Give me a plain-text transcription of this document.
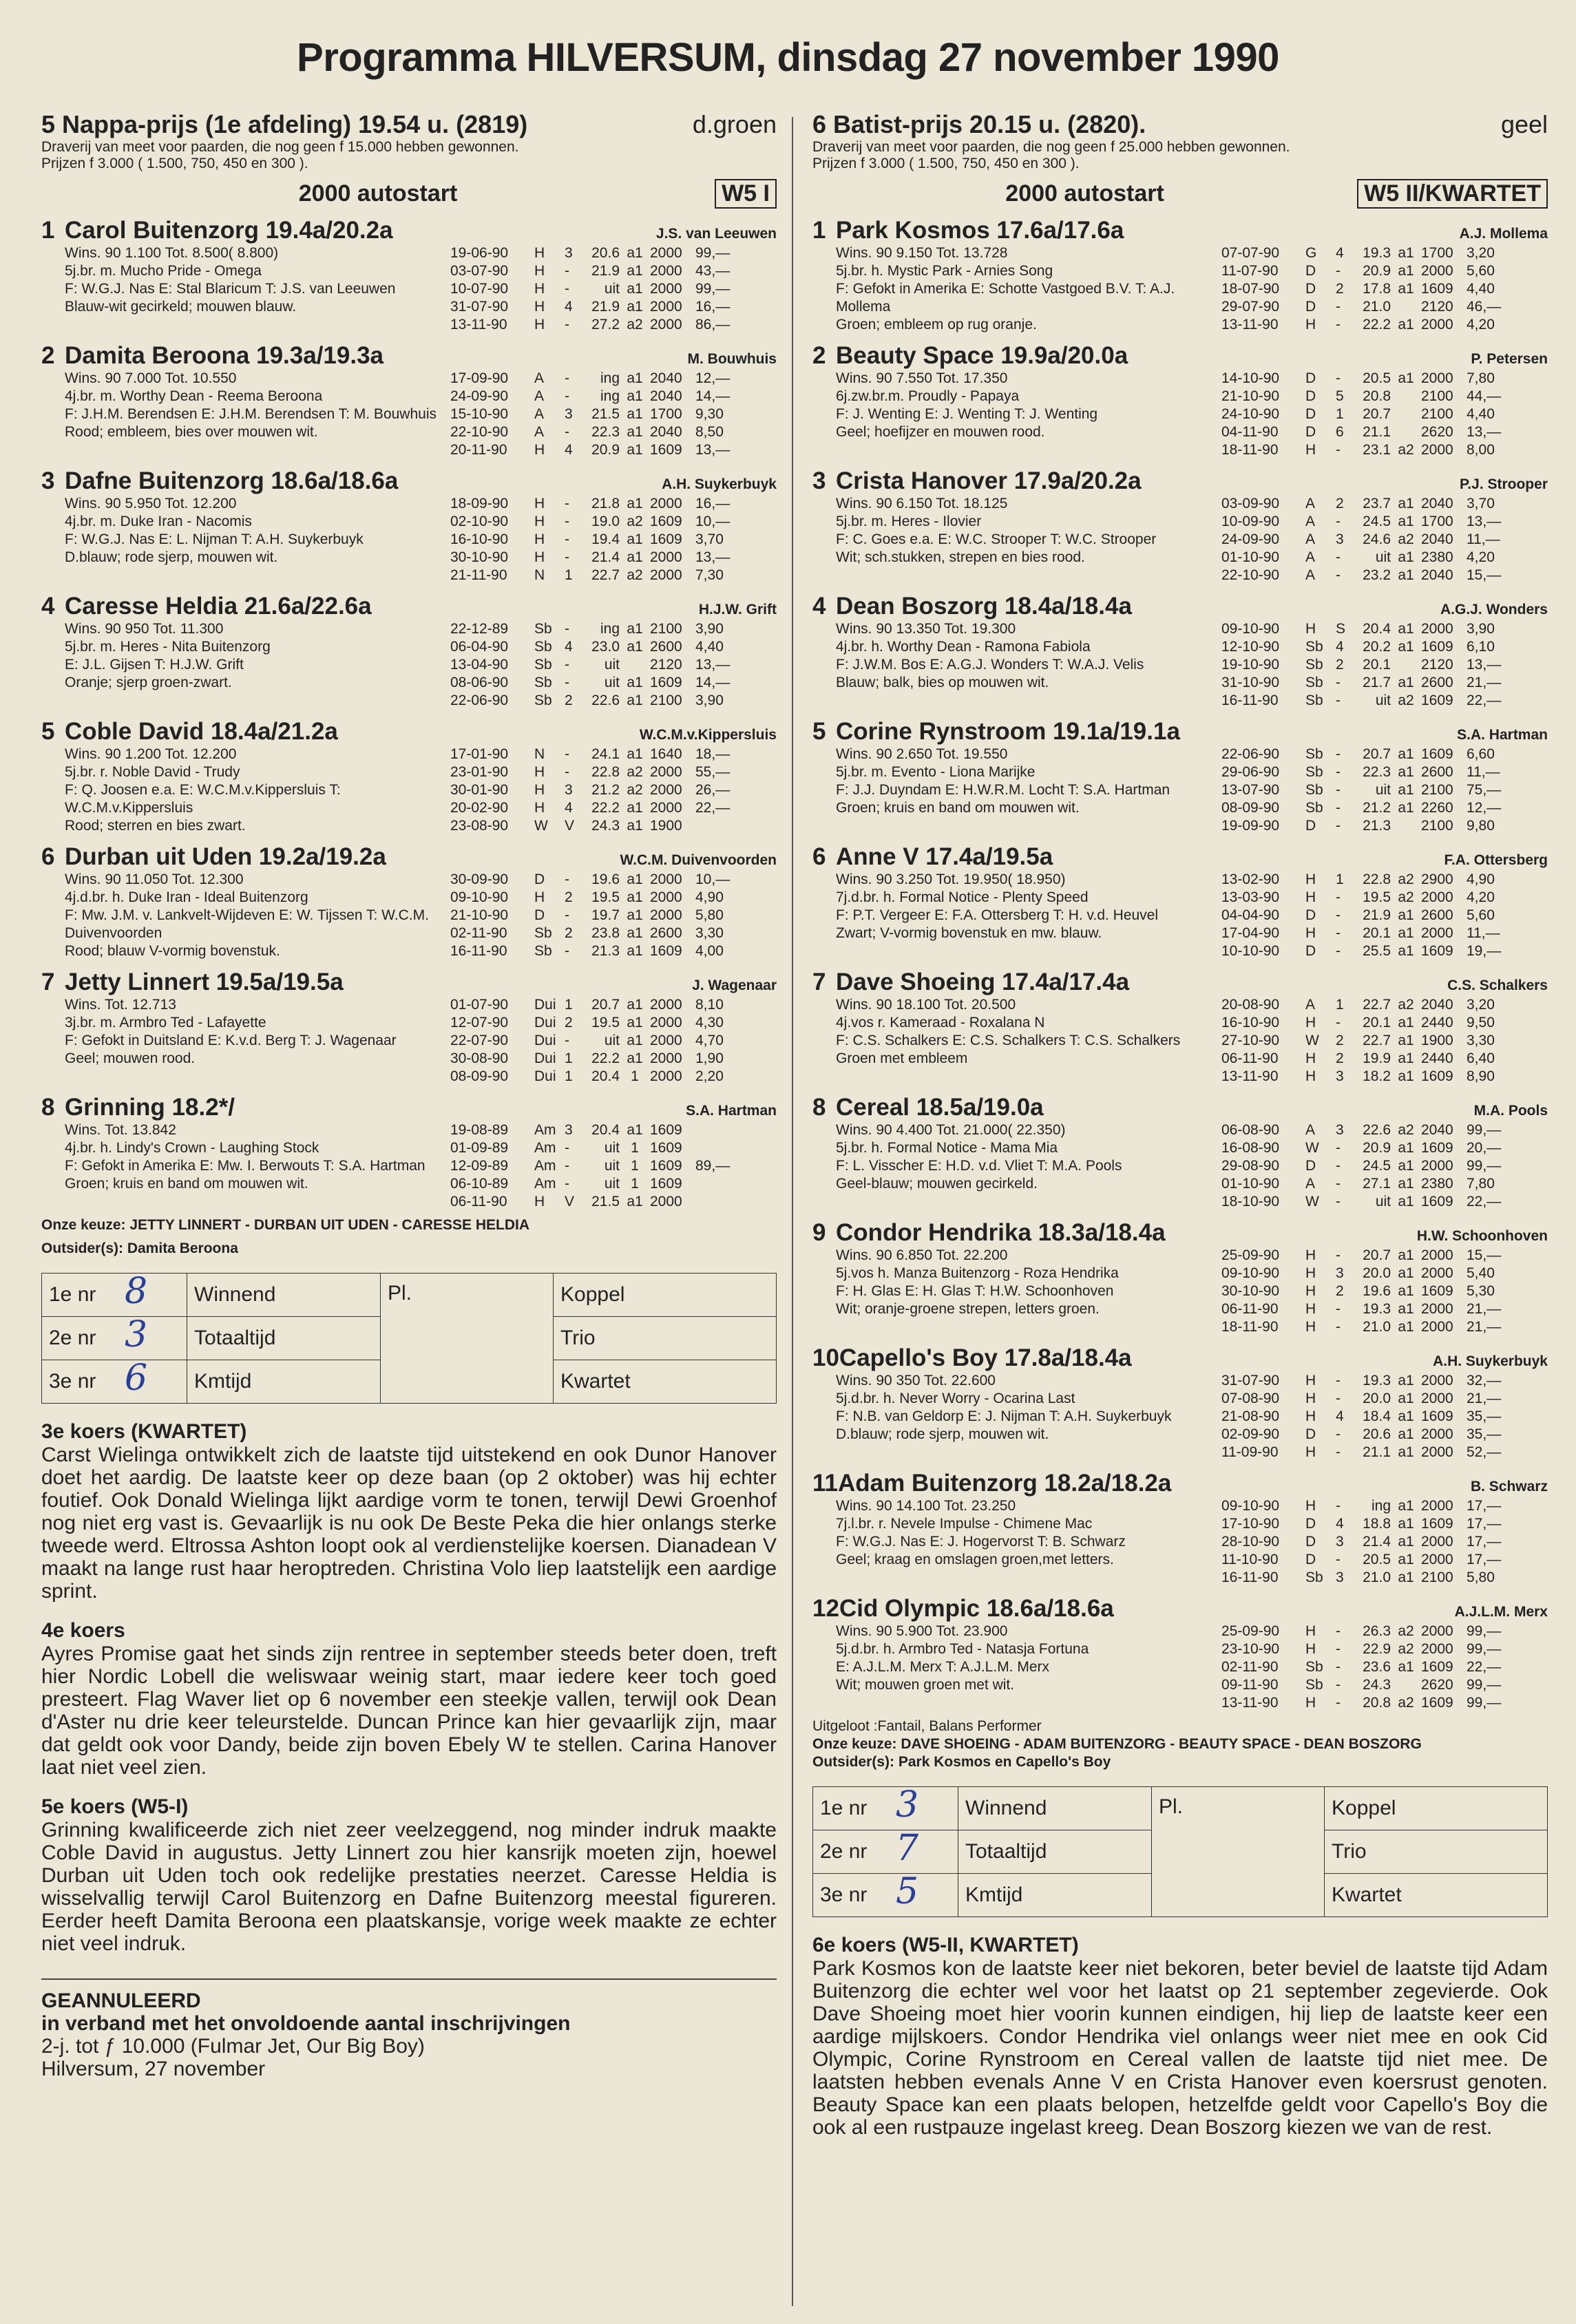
Programma HILVERSUM, dinsdag 27 november 1990
5 Nappa-prijs (1e afdeling) 19.54 u. (2819)	d.groen
Draverij van meet voor paarden, die nog geen f 15.000 hebben gewonnen.
Prijzen f 3.000 ( 1.500, 750, 450 en 300 ).
2000 autostart	W5 I
1 Carol Buitenzorg 19.4a/20.2a	J.S. van Leeuwen
Wins. 90 1.100 Tot. 8.500( 8.800)
5j.br. m. Mucho Pride - Omega
F: W.G.J. Nas E: Stal Blaricum T: J.S. van Leeuwen
Blauw-wit gecirkeld; mouwen blauw.
19-06-90	H	3	20.6 a1 2000 99,—
03-07-90	H	-	21.9 a1 2000 43,—
10-07-90	H	-	uit a1 2000 99,—
31-07-90	H	4	21.9 a1 2000 16,—
13-11-90	H	-	27.2 a2 2000 86,—
2 Damita Beroona 19.3a/19.3a	M. Bouwhuis
Wins. 90 7.000 Tot. 10.550
4j.br. m. Worthy Dean - Reema Beroona
F: J.H.M. Berendsen E: J.H.M. Berendsen T: M. Bouwhuis
Rood; embleem, bies over mouwen wit.
17-09-90	A	-	ing a1 2040 12,—
24-09-90	A	-	ing a1 2040 14,—
15-10-90	A	3	21.5 a1 1700 9,30
22-10-90	A	-	22.3 a1 2040 8,50
20-11-90	H	4	20.9 a1 1609 13,—
3 Dafne Buitenzorg 18.6a/18.6a	A.H. Suykerbuyk
Wins. 90 5.950 Tot. 12.200
4j.br. m. Duke Iran - Nacomis
F: W.G.J. Nas E: L. Nijman T: A.H. Suykerbuyk
D.blauw; rode sjerp, mouwen wit.
18-09-90	H	-	21.8 a1 2000 16,—
02-10-90	H	-	19.0 a2 1609 10,—
16-10-90	H	-	19.4 a1 1609 3,70
30-10-90	H	-	21.4 a1 2000 13,—
21-11-90	N	1	22.7 a2 2000 7,30
4 Caresse Heldia 21.6a/22.6a	H.J.W. Grift
Wins. 90 950 Tot. 11.300
5j.br. m. Heres - Nita Buitenzorg
E: J.L. Gijsen T: H.J.W. Grift
Oranje; sjerp groen-zwart.
22-12-89	Sb -	ing a1 2100 3,90
06-04-90	Sb 4	23.0 a1 2600 4,40
13-04-90	Sb -	uit 2120 13,—
08-06-90	Sb -	uit a1 1609 14,—
22-06-90	Sb 2	22.6 a1 2100 3,90
5 Coble David 18.4a/21.2a	W.C.M.v.Kippersluis
Wins. 90 1.200 Tot. 12.200
5j.br. r. Noble David - Trudy
F: Q. Joosen e.a. E: W.C.M.v.Kippersluis T: W.C.M.v.Kippersluis
Rood; sterren en bies zwart.
17-01-90	N	-	24.1 a1 1640 18,—
23-01-90	H	-	22.8 a2 2000 55,—
30-01-90	H	3	21.2 a2 2000 26,—
20-02-90	H	4	22.2 a1 2000 22,—
23-08-90	W	V	24.3 a1 1900
6 Durban uit Uden 19.2a/19.2a	W.C.M. Duivenvoorden
Wins. 90 11.050 Tot. 12.300
4j.d.br. h. Duke Iran - Ideal Buitenzorg
F: Mw. J.M. v. Lankvelt-Wijdeven E: W. Tijssen T: W.C.M. Duivenvoorden
Rood; blauw V-vormig bovenstuk.
30-09-90	D	-	19.6 a1 2000 10,—
09-10-90	H	2	19.5 a1 2000 4,90
21-10-90	D	-	19.7 a1 2000 5,80
02-11-90	Sb 2	23.8 a1 2600 3,30
16-11-90	Sb -	21.3 a1 1609 4,00
7 Jetty Linnert 19.5a/19.5a	J. Wagenaar
Wins. Tot. 12.713
3j.br. m. Armbro Ted - Lafayette
F: Gefokt in Duitsland E: K.v.d. Berg T: J. Wagenaar
Geel; mouwen rood.
01-07-90	Dui 1	20.7 a1 2000 8,10
12-07-90	Dui 2	19.5 a1 2000 4,30
22-07-90	Dui -	uit a1 2000 4,70
30-08-90	Dui 1	22.2 a1 2000 1,90
08-09-90	Dui 1	20.4 1 2000 2,20
8 Grinning 18.2*/	S.A. Hartman
Wins. Tot. 13.842
4j.br. h. Lindy's Crown - Laughing Stock
F: Gefokt in Amerika E: Mw. I. Berwouts T: S.A. Hartman
Groen; kruis en band om mouwen wit.
19-08-89	Am 3	20.4 a1 1609
01-09-89	Am -	uit 1 1609
12-09-89	Am -	uit 1 1609 89,—
06-10-89	Am -	uit 1 1609
06-11-90	H	V	21.5 a1 2000
Onze keuze: JETTY LINNERT - DURBAN UIT UDEN - CARESSE HELDIA
Outsider(s): Damita Beroona
1e nr 8	Winnend	Pl.	Koppel
2e nr 3	Totaaltijd		Trio
3e nr 6	Kmtijd		Kwartet
3e koers (KWARTET)
Carst Wielinga ontwikkelt zich de laatste tijd uitstekend en ook Dunor Hanover doet het aardig. De laatste keer op deze baan (op 2 oktober) was hij echter foutief. Ook Donald Wielinga lijkt aardige vorm te tonen, terwijl Dewi Groenhof nog niet erg vast is. Gevaarlijk is nu ook De Beste Peka die hier onlangs sterke tweede werd. Eltrossa Ashton loopt ook al verdienstelijke koersen. Dianadean V maakt na lange rust haar heroptreden. Christina Volo liep laatstelijk een aardige sprint.
4e koers
Ayres Promise gaat het sinds zijn rentree in september steeds beter doen, treft hier Nordic Lobell die weliswaar weinig start, maar iedere keer toch goed presteert. Flag Waver liet op 6 november een steekje vallen, terwijl ook Dean d'Aster nu drie keer teleurstelde. Duncan Prince kan hier gevaarlijk zijn, maar dat geldt ook voor Dandy, beide zijn boven Ebely W te stellen. Carina Hanover laat niet veel zien.
5e koers (W5-I)
Grinning kwalificeerde zich niet zeer veelzeggend, nog minder indruk maakte Coble David in augustus. Jetty Linnert zou hier kansrijk moeten zijn, hoewel Durban uit Uden toch ook redelijke prestaties neerzet. Caresse Heldia is wisselvallig terwijl Carol Buitenzorg en Dafne Buitenzorg meestal figureren. Eerder heeft Damita Beroona een plaatskansje, vorige week maakte ze echter niet veel indruk.
GEANNULEERD
in verband met het onvoldoende aantal inschrijvingen
2-j. tot ƒ 10.000 (Fulmar Jet, Our Big Boy)
Hilversum, 27 november
6 Batist-prijs 20.15 u. (2820).	geel
Draverij van meet voor paarden, die nog geen f 25.000 hebben gewonnen.
Prijzen f 3.000 ( 1.500, 750, 450 en 300 ).
2000 autostart	W5 II/KWARTET
1 Park Kosmos 17.6a/17.6a	A.J. Mollema
Wins. 90 9.150 Tot. 13.728
5j.br. h. Mystic Park - Arnies Song
F: Gefokt in Amerika E: Schotte Vastgoed B.V. T: A.J. Mollema
Groen; embleem op rug oranje.
07-07-90	G	4	19.3 a1 1700 3,20
11-07-90	D	-	20.9 a1 2000 5,60
18-07-90	D	2	17.8 a1 1609 4,40
29-07-90	D	-	21.0 2120 46,—
13-11-90	H	-	22.2 a1 2000 4,20
2 Beauty Space 19.9a/20.0a	P. Petersen
Wins. 90 7.550 Tot. 17.350
6j.zw.br.m. Proudly - Papaya
F: J. Wenting E: J. Wenting T: J. Wenting
Geel; hoefijzer en mouwen rood.
14-10-90	D	-	20.5 a1 2000 7,80
21-10-90	D	5	20.8 2100 44,—
24-10-90	D	1	20.7 2100 4,40
04-11-90	D	6	21.1 2620 13,—
18-11-90	H	-	23.1 a2 2000 8,00
3 Crista Hanover 17.9a/20.2a	P.J. Strooper
Wins. 90 6.150 Tot. 18.125
5j.br. m. Heres - Ilovier
F: C. Goes e.a. E: W.C. Strooper T: W.C. Strooper
Wit; sch.stukken, strepen en bies rood.
03-09-90	A	2	23.7 a1 2040 3,70
10-09-90	A	-	24.5 a1 1700 13,—
24-09-90	A	3	24.6 a2 2040 11,—
01-10-90	A	-	uit a1 2380 4,20
22-10-90	A	-	23.2 a1 2040 15,—
4 Dean Boszorg 18.4a/18.4a	A.G.J. Wonders
Wins. 90 13.350 Tot. 19.300
4j.br. h. Worthy Dean - Ramona Fabiola
F: J.W.M. Bos E: A.G.J. Wonders T: W.A.J. Velis
Blauw; balk, bies op mouwen wit.
09-10-90	H	S	20.4 a1 2000 3,90
12-10-90	Sb 4	20.2 a1 1609 6,10
19-10-90	Sb 2	20.1 2120 13,—
31-10-90	Sb -	21.7 a1 2600 21,—
16-11-90	Sb -	uit a2 1609 22,—
5 Corine Rynstroom 19.1a/19.1a	S.A. Hartman
Wins. 90 2.650 Tot. 19.550
5j.br. m. Evento - Liona Marijke
F: J.J. Duyndam E: H.W.R.M. Locht T: S.A. Hartman
Groen; kruis en band om mouwen wit.
22-06-90	Sb -	20.7 a1 1609 6,60
29-06-90	Sb -	22.3 a1 2600 11,—
13-07-90	Sb -	uit a1 2100 75,—
08-09-90	Sb -	21.2 a1 2260 12,—
19-09-90	D	-	21.3 2100 9,80
6 Anne V 17.4a/19.5a	F.A. Ottersberg
Wins. 90 3.250 Tot. 19.950( 18.950)
7j.d.br. h. Formal Notice - Plenty Speed
F: P.T. Vergeer E: F.A. Ottersberg T: H. v.d. Heuvel
Zwart; V-vormig bovenstuk en mw. blauw.
13-02-90	H	1	22.8 a2 2900 4,90
13-03-90	H	-	19.5 a2 2000 4,20
04-04-90	D	-	21.9 a1 2600 5,60
17-04-90	H	-	20.1 a1 2000 11,—
10-10-90	D	-	25.5 a1 1609 19,—
7 Dave Shoeing 17.4a/17.4a	C.S. Schalkers
Wins. 90 18.100 Tot. 20.500
4j.vos r. Kameraad - Roxalana N
F: C.S. Schalkers E: C.S. Schalkers T: C.S. Schalkers
Groen met embleem
20-08-90	A	1	22.7 a2 2040 3,20
16-10-90	H	-	20.1 a1 2440 9,50
27-10-90	W	2	22.7 a1 1900 3,30
06-11-90	H	2	19.9 a1 2440 6,40
13-11-90	H	3	18.2 a1 1609 8,90
8 Cereal 18.5a/19.0a	M.A. Pools
Wins. 90 4.400 Tot. 21.000( 22.350)
5j.br. h. Formal Notice - Mama Mia
F: L. Visscher E: H.D. v.d. Vliet T: M.A. Pools
Geel-blauw; mouwen gecirkeld.
06-08-90	A	3	22.6 a2 2040 99,—
16-08-90	W	-	20.9 a1 1609 20,—
29-08-90	D	-	24.5 a1 2000 99,—
01-10-90	A	-	27.1 a1 2380 7,80
18-10-90	W	-	uit a1 1609 22,—
9 Condor Hendrika 18.3a/18.4a	H.W. Schoonhoven
Wins. 90 6.850 Tot. 22.200
5j.vos h. Manza Buitenzorg - Roza Hendrika
F: H. Glas E: H. Glas T: H.W. Schoonhoven
Wit; oranje-groene strepen, letters groen.
25-09-90	H	-	20.7 a1 2000 15,—
09-10-90	H	3	20.0 a1 2000 5,40
30-10-90	H	2	19.6 a1 1609 5,30
06-11-90	H	-	19.3 a1 2000 21,—
18-11-90	H	-	21.0 a1 2000 21,—
10Capello's Boy 17.8a/18.4a	A.H. Suykerbuyk
Wins. 90 350 Tot. 22.600
5j.d.br. h. Never Worry - Ocarina Last
F: N.B. van Geldorp E: J. Nijman T: A.H. Suykerbuyk
D.blauw; rode sjerp, mouwen wit.
31-07-90	H	-	19.3 a1 2000 32,—
07-08-90	H	-	20.0 a1 2000 21,—
21-08-90	H	4	18.4 a1 1609 35,—
02-09-90	D	-	20.6 a1 2000 35,—
11-09-90	H	-	21.1 a1 2000 52,—
11Adam Buitenzorg 18.2a/18.2a	B. Schwarz
Wins. 90 14.100 Tot. 23.250
7j.l.br. r. Nevele Impulse - Chimene Mac
F: W.G.J. Nas E: J. Hogervorst T: B. Schwarz
Geel; kraag en omslagen groen,met letters.
09-10-90	H	-	ing a1 2000 17,—
17-10-90	D	4	18.8 a1 1609 17,—
28-10-90	D	3	21.4 a1 2000 17,—
11-10-90	D	-	20.5 a1 2000 17,—
16-11-90	Sb 3	21.0 a1 2100 5,80
12Cid Olympic 18.6a/18.6a	A.J.L.M. Merx
Wins. 90 5.900 Tot. 23.900
5j.d.br. h. Armbro Ted - Natasja Fortuna
E: A.J.L.M. Merx T: A.J.L.M. Merx
Wit; mouwen groen met wit.
25-09-90	H	-	26.3 a2 2000 99,—
23-10-90	H	-	22.9 a2 2000 99,—
02-11-90	Sb -	23.6 a1 1609 22,—
09-11-90	Sb -	24.3 2620 99,—
13-11-90	H	-	20.8 a2 1609 99,—
Uitgeloot :Fantail, Balans Performer
Onze keuze: DAVE SHOEING - ADAM BUITENZORG - BEAUTY SPACE - DEAN BOSZORG
Outsider(s): Park Kosmos en Capello's Boy
1e nr 3	Winnend	Pl.	Koppel
2e nr 7	Totaaltijd		Trio
3e nr 5	Kmtijd		Kwartet
6e koers (W5-II, KWARTET)
Park Kosmos kon de laatste keer niet bekoren, beter beviel de laatste tijd Adam Buitenzorg die echter wel voor het laatst op 21 september zegevierde. Ook Dave Shoeing moet hier voorin kunnen eindigen, hij liep de laatste keer een aardige mijlskoers. Condor Hendrika viel onlangs weer niet mee en ook Cid Olympic, Corine Rynstroom en Cereal vallen de laatste tijd niet mee. De laatsten hebben evenals Anne V en Crista Hanover even koersrust genoten. Beauty Space kan een plaats belopen, hetzelfde geldt voor Capello's Boy die ook al een rustpauze ingelast kreeg. Dean Boszorg kiezen we van de rest.
